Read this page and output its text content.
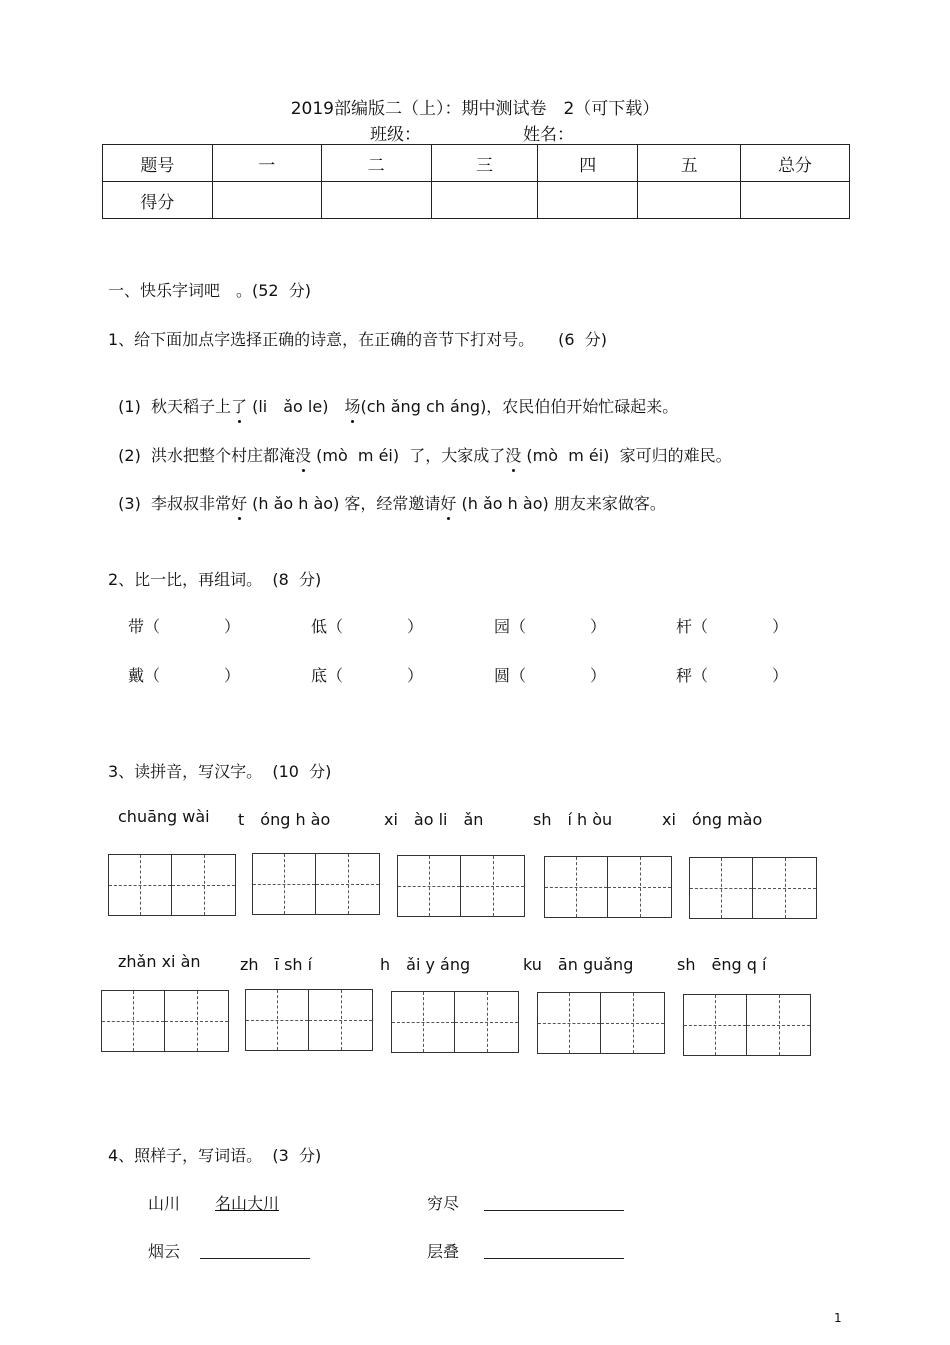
2019部编版二（上）：期中测试卷　2（可下载）
班级：	姓名：
题号	一	二	三	四	五	总分
得分						
一、快乐字词吧　。(52  分)
1、给下面加点字选择正确的诗意，在正确的音节下打对号。　　(6  分)

(1)  秋天稻子上了 (li　ǎo le)　场(ch ǎng ch áng)，农民伯伯开始忙碌起来。

(2)  洪水把整个村庄都淹没 (mò  m éi)  了，大家成了没 (mò  m éi)  家可归的难民。

(3)  李叔叔非常好 (h ǎo h ào) 客，经常邀请好 (h ǎo h ào) 朋友来家做客。

2、比一比，再组词。  (8  分)
带（　　　　）	低（　　　　）	园（　　　　）	杆（　　　　）
戴（　　　　）	底（　　　　）	圆（　　　　）	秤（　　　　）
3、读拼音，写汉字。  (10  分)
chuāng wài t　óng h ào	xi　ào li　ǎn	sh　í h òu	xi　óng mào
zhǎn xi àn zh　ī sh í	h　ǎi y áng	ku　ān guǎng	sh　ēng q í
4、照样子，写词语。  (3  分)
山川 名山大川	穷尽
烟云	层叠
1
